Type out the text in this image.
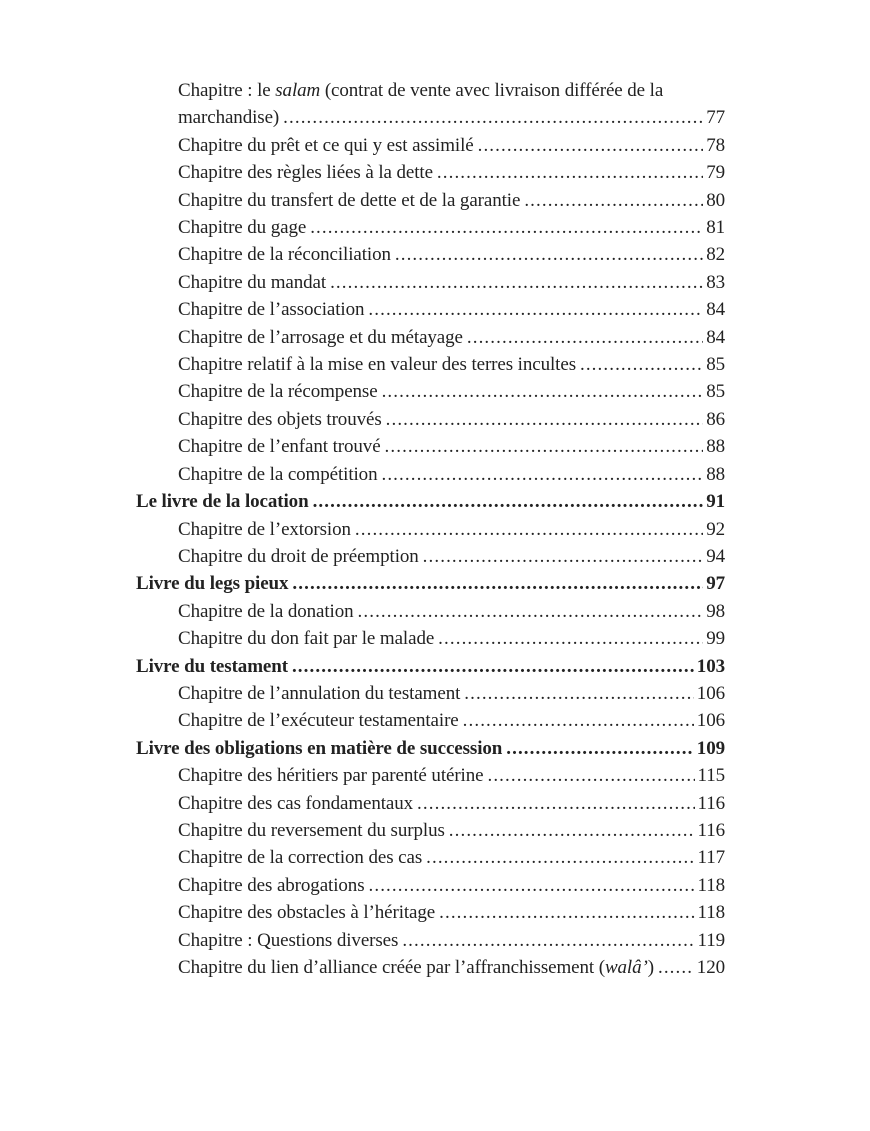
Chapitre : le salam (contrat de vente avec livraison différée de la
marchandise) .....	77
Chapitre du prêt et ce qui y est assimilé .....	78
Chapitre des règles liées à la dette .....	79
Chapitre du transfert de dette et de la garantie .....	80
Chapitre du gage .....	81
Chapitre de la réconciliation .....	82
Chapitre du mandat .....	83
Chapitre de l’association .....	84
Chapitre de l’arrosage et du métayage .....	84
Chapitre relatif à la mise en valeur des terres incultes .....	85
Chapitre de la récompense .....	85
Chapitre des objets trouvés .....	86
Chapitre de l’enfant trouvé .....	88
Chapitre de la compétition .....	88
Le livre de la location .....	91
Chapitre de l’extorsion .....	92
Chapitre du droit de préemption .....	94
Livre du legs pieux .....	97
Chapitre de la donation .....	98
Chapitre du don fait par le malade .....	99
Livre du testament .....	103
Chapitre de l’annulation du testament .....	106
Chapitre de l’exécuteur testamentaire .....	106
Livre des obligations en matière de succession .....	109
Chapitre des héritiers par parenté utérine .....	115
Chapitre des cas fondamentaux .....	116
Chapitre du reversement du surplus .....	116
Chapitre de la correction des cas .....	117
Chapitre des abrogations .....	118
Chapitre des obstacles à l’héritage .....	118
Chapitre : Questions diverses .....	119
Chapitre du lien d’alliance créée par l’affranchissement (walâ’) ..... 120
